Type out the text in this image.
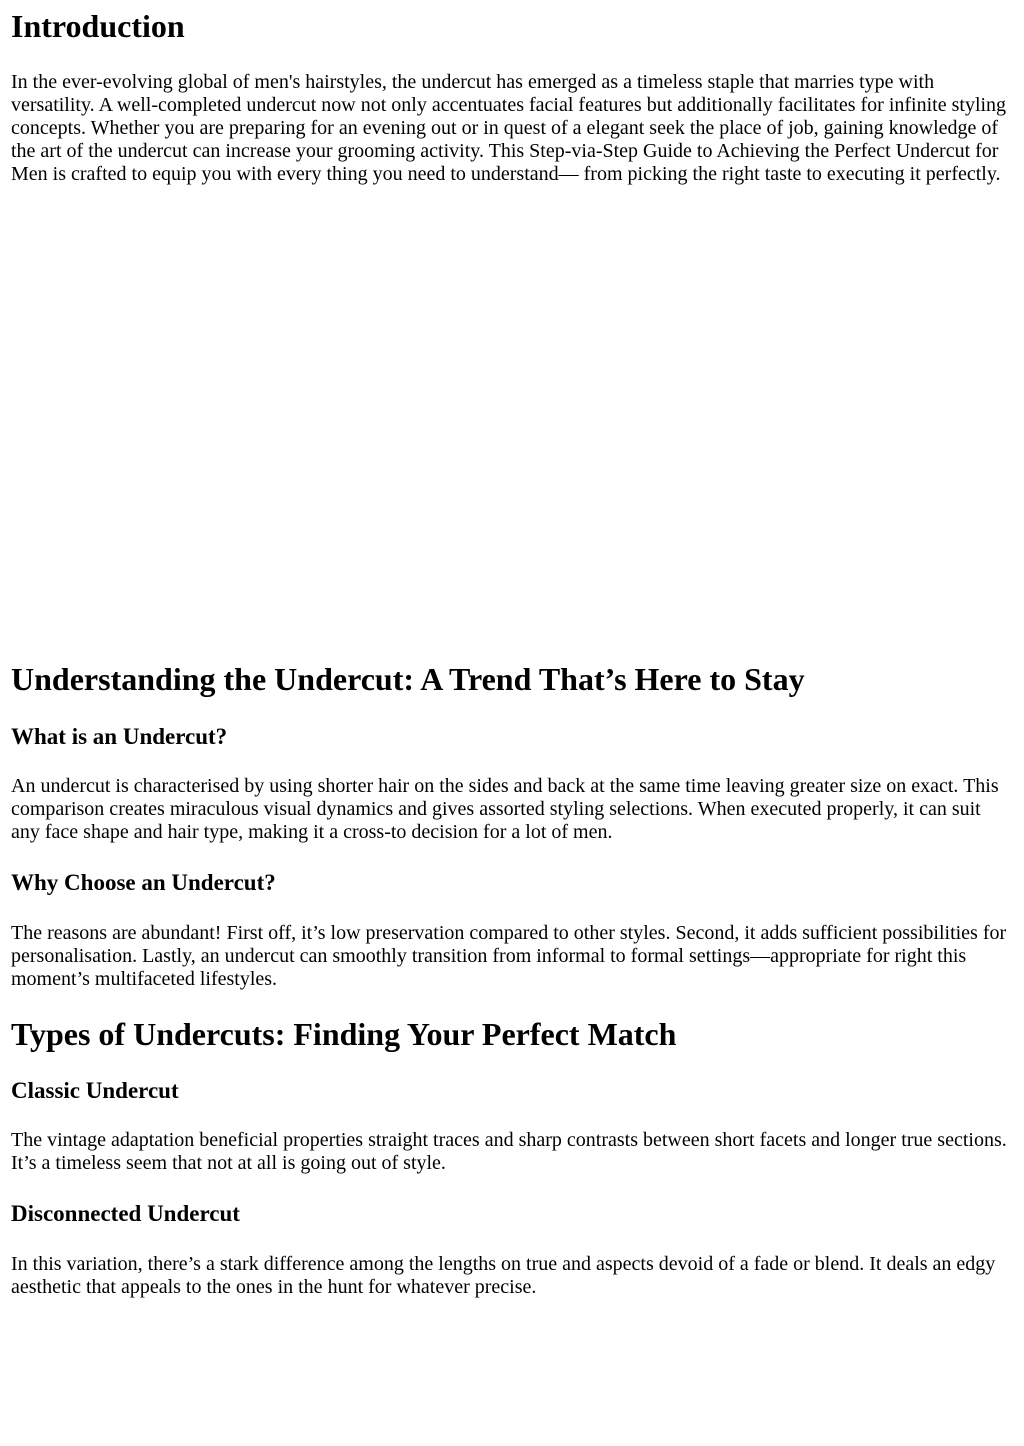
Introduction

In the ever-evolving global of men's hairstyles, the undercut has emerged as a timeless staple that marries type with versatility. A well-completed undercut now not only accentuates facial features but additionally facilitates for infinite styling concepts. Whether you are preparing for an evening out or in quest of a elegant seek the place of job, gaining knowledge of the art of the undercut can increase your grooming activity. This Step-via-Step Guide to Achieving the Perfect Undercut for Men is crafted to equip you with every thing you need to understand— from picking the right taste to executing it perfectly.

Understanding the Undercut: A Trend That’s Here to Stay
What is an Undercut?

An undercut is characterised by using shorter hair on the sides and back at the same time leaving greater size on exact. This comparison creates miraculous visual dynamics and gives assorted styling selections. When executed properly, it can suit any face shape and hair type, making it a cross-to decision for a lot of men.

Why Choose an Undercut?

The reasons are abundant! First off, it’s low preservation compared to other styles. Second, it adds sufficient possibilities for personalisation. Lastly, an undercut can smoothly transition from informal to formal settings—appropriate for right this moment’s multifaceted lifestyles.

Types of Undercuts: Finding Your Perfect Match
Classic Undercut

The vintage adaptation beneficial properties straight traces and sharp contrasts between short facets and longer true sections. It’s a timeless seem that not at all is going out of style.

Disconnected Undercut

In this variation, there’s a stark difference among the lengths on true and aspects devoid of a fade or blend. It deals an edgy aesthetic that appeals to the ones in the hunt for whatever precise.
